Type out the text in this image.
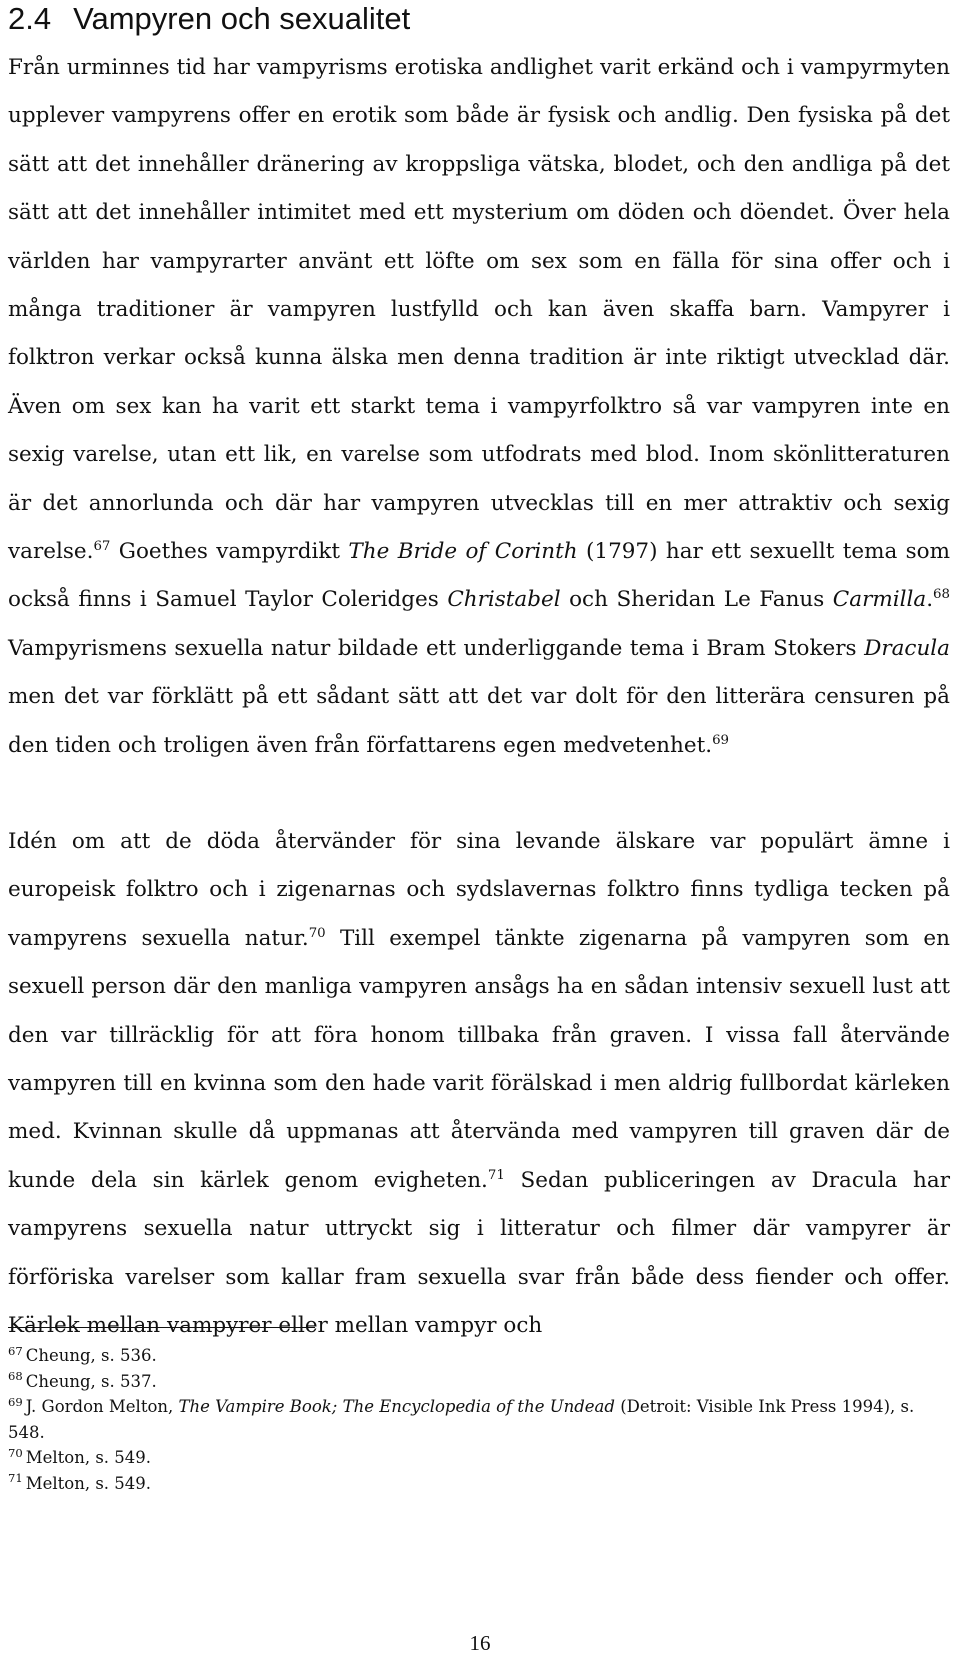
2.4 Vampyren och sexualitet

Från urminnes tid har vampyrisms erotiska andlighet varit erkänd och i vampyrmyten upplever vampyrens offer en erotik som både är fysisk och andlig. Den fysiska på det sätt att det innehåller dränering av kroppsliga vätska, blodet, och den andliga på det sätt att det innehåller intimitet med ett mysterium om döden och döendet. Över hela världen har vampyrarter använt ett löfte om sex som en fälla för sina offer och i många traditioner är vampyren lustfylld och kan även skaffa barn. Vampyrer i folktron verkar också kunna älska men denna tradition är inte riktigt utvecklad där. Även om sex kan ha varit ett starkt tema i vampyrfolktro så var vampyren inte en sexig varelse, utan ett lik, en varelse som utfodrats med blod. Inom skönlitteraturen är det annorlunda och där har vampyren utvecklas till en mer attraktiv och sexig varelse.$^{67}$ Goethes vampyrdikt The Bride of Corinth (1797) har ett sexuellt tema som också finns i Samuel Taylor Coleridges Christabel och Sheridan Le Fanus Carmilla.$^{68}$ Vampyrismens sexuella natur bildade ett underliggande tema i Bram Stokers Dracula men det var förklätt på ett sådant sätt att det var dolt för den litterära censuren på den tiden och troligen även från författarens egen medvetenhet.$^{69}$

Idén om att de döda återvänder för sina levande älskare var populärt ämne i europeisk folktro och i zigenarnas och sydslavernas folktro finns tydliga tecken på vampyrens sexuella natur.$^{70}$ Till exempel tänkte zigenarna på vampyren som en sexuell person där den manliga vampyren ansågs ha en sådan intensiv sexuell lust att den var tillräcklig för att föra honom tillbaka från graven. I vissa fall återvände vampyren till en kvinna som den hade varit förälskad i men aldrig fullbordat kärleken med. Kvinnan skulle då uppmanas att återvända med vampyren till graven där de kunde dela sin kärlek genom evigheten.$^{71}$ Sedan publiceringen av Dracula har vampyrens sexuella natur uttryckt sig i litteratur och filmer där vampyrer är förföriska varelser som kallar fram sexuella svar från både dess fiender och offer. Kärlek mellan vampyrer eller mellan vampyr och

$^{67}$ Cheung, s. 536.

$^{68}$ Cheung, s. 537.

$^{69}$ J. Gordon Melton, The Vampire Book; The Encyclopedia of the Undead (Detroit: Visible Ink Press 1994), s. 548.

$^{70}$ Melton, s. 549.

$^{71}$ Melton, s. 549.

16
